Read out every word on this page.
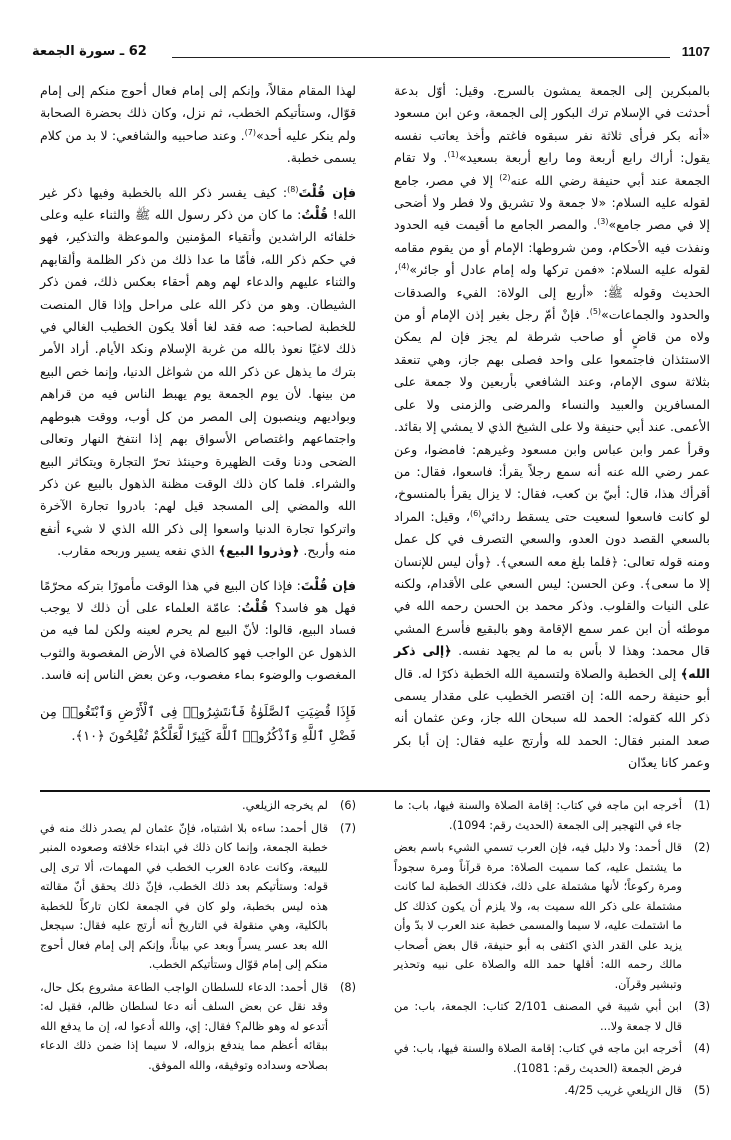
1107
62 ـ سورة الجمعة

بالمبكرين إلى الجمعة يمشون بالسرج. وقيل: أوّل بدعة أحدثت في الإسلام ترك البكور إلى الجمعة، وعن ابن مسعود «أنه بكر فرأى ثلاثة نفر سبقوه فاغتم وأخذ يعاتب نفسه يقول: أراك رابع أربعة وما رابع أربعة بسعيد»$^{(1)}$. ولا تقام الجمعة عند أبي حنيفة رضي الله عنه$^{(2)}$ إلا في مصر، جامع لقوله عليه السلام: «لا جمعة ولا تشريق ولا فطر ولا أضحى إلا في مصر جامع»$^{(3)}$. والمصر الجامع ما أقيمت فيه الحدود ونفذت فيه الأحكام، ومن شروطها: الإمام أو من يقوم مقامه لقوله عليه السلام: «فمن تركها وله إمام عادل أو جائر»$^{(4)}$، الحديث وقوله ﷺ: «أربع إلى الولاة: الفيء والصدقات والحدود والجماعات»$^{(5)}$. فإنْ أمّ رجل بغير إذن الإمام أو من ولاه من قاضٍ أو صاحب شرطة لم يجز فإن لم يمكن الاستئذان فاجتمعوا على واحد فصلى بهم جاز، وهي تنعقد بثلاثة سوى الإمام، وعند الشافعي بأربعين ولا جمعة على المسافرين والعبيد والنساء والمرضى والزمنى ولا على الأعمى. عند أبي حنيفة ولا على الشيخ الذي لا يمشي إلا بقائد. وقرأ عمر وابن عباس وابن مسعود وغيرهم: فامضوا، وعن عمر رضي الله عنه أنه سمع رجلاً يقرأ: فاسعوا، فقال: من أقرأك هذا، قال: أبيّ بن كعب، فقال: لا يزال يقرأ بالمنسوخ، لو كانت فاسعوا لسعيت حتى يسقط ردائي$^{(6)}$، وقيل: المراد بالسعي القصد دون العدو، والسعي التصرف في كل عمل ومنه قوله تعالى: ﴿فلما بلغ معه السعي﴾. ﴿وأن ليس للإنسان إلا ما سعى﴾. وعن الحسن: ليس السعي على الأقدام، ولكنه على النيات والقلوب. وذكر محمد بن الحسن رحمه الله في موطئه أن ابن عمر سمع الإقامة وهو بالبقيع فأسرع المشي قال محمد: وهذا لا بأس به ما لم يجهد نفسه. ﴿إلى ذكر الله﴾ إلى الخطبة والصلاة ولتسمية الله الخطبة ذكرًا له. قال أبو حنيفة رحمه الله: إن اقتصر الخطيب على مقدار يسمى ذكر الله كقوله: الحمد لله سبحان الله جاز، وعن عثمان أنه صعد المنبر فقال: الحمد لله وأرتج عليه فقال: إن أبا بكر وعمر كانا يعدّان

لهذا المقام مقالاً، وإنكم إلى إمام فعال أحوج منكم إلى إمام قوّال، وستأتيكم الخطب، ثم نزل، وكان ذلك بحضرة الصحابة ولم ينكر عليه أحد»$^{(7)}$. وعند صاحبيه والشافعي: لا بد من كلام يسمى خطبة.

فإن قُلْتَ$^{(8)}$: كيف يفسر ذكر الله بالخطبة وفيها ذكر غير الله! قُلْتُ: ما كان من ذكر رسول الله ﷺ والثناء عليه وعلى خلفائه الراشدين وأتقياء المؤمنين والموعظة والتذكير، فهو في حكم ذكر الله، فأمّا ما عدا ذلك من ذكر الظلمة وألقابهم والثناء عليهم والدعاء لهم وهم أحقاء بعكس ذلك، فمن ذكر الشيطان. وهو من ذكر الله على مراحل وإذا قال المنصت للخطبة لصاحبه: صه فقد لغا أفلا يكون الخطيب الغالي في ذلك لاغيًا نعوذ بالله من غربة الإسلام ونكد الأيام. أراد الأمر بترك ما يذهل عن ذكر الله من شواغل الدنيا، وإنما خص البيع من بينها. لأن يوم الجمعة يوم يهبط الناس فيه من قراهم وبواديهم وينصبون إلى المصر من كل أوب، ووقت هبوطهم واجتماعهم واغتصاص الأسواق بهم إذا انتفخ النهار وتعالى الضحى ودنا وقت الظهيرة وحينئذ تحرّ التجارة ويتكاثر البيع والشراء. فلما كان ذلك الوقت مظنة الذهول بالبيع عن ذكر الله والمضي إلى المسجد قيل لهم: بادروا تجارة الآخرة واتركوا تجارة الدنيا واسعوا إلى ذكر الله الذي لا شيء أنفع منه وأربح. ﴿وذروا البيع﴾ الذي نفعه يسير وربحه مقارب.

فإن قُلْتَ: فإذا كان البيع في هذا الوقت مأمورًا بتركه محرّمًا فهل هو فاسد؟ قُلْتُ: عامّة العلماء على أن ذلك لا يوجب فساد البيع، قالوا: لأنّ البيع لم يحرم لعينه ولكن لما فيه من الذهول عن الواجب فهو كالصلاة في الأرض المغصوبة والثوب المغصوب والوضوء بماء مغصوب، وعن بعض الناس إنه فاسد.

فَإِذَا قُضِيَتِ ٱلصَّلَوٰةُ فَٱنتَشِرُوا۟ فِى ٱلْأَرْضِ وَٱبْتَغُوا۟ مِن فَضْلِ ٱللَّهِ وَٱذْكُرُوا۟ ٱللَّهَ كَثِيرًا لَّعَلَّكُمْ تُفْلِحُونَ ﴿١٠﴾.
(1)
أخرجه ابن ماجه في كتاب: إقامة الصلاة والسنة فيها، باب: ما جاء في التهجير إلى الجمعة (الحديث رقم: 1094).
(2)
قال أحمد: ولا دليل فيه، فإن العرب تسمي الشيء باسم بعض ما يشتمل عليه، كما سميت الصلاة: مرة قرآناً ومرة سجوداً ومرة ركوعاً؛ لأنها مشتملة على ذلك، فكذلك الخطبة لما كانت مشتملة على ذكر الله سميت به، ولا يلزم أن يكون كذلك كل ما اشتملت عليه، لا سيما والمسمى خطبة عند العرب لا بدّ وأن يزيد على القدر الذي اكتفى به أبو حنيفة، قال بعض أصحاب مالك رحمه الله: أقلها حمد الله والصلاة على نبيه وتحذير وتبشير وقرآن.
(3)
ابن أبي شيبة في المصنف 2/101 كتاب: الجمعة، باب: من قال لا جمعة ولا...
(4)
أخرجه ابن ماجه في كتاب: إقامة الصلاة والسنة فيها، باب: في فرض الجمعة (الحديث رقم: 1081).
(5)
قال الزيلعي غريب 4/25.
(6)
لم يخرجه الزيلعي.
(7)
قال أحمد: ساءه بلا اشتباه، فإنّ عثمان لم يصدر ذلك منه في خطبة الجمعة، وإنما كان ذلك في ابتداء خلافته وصعوده المنبر للبيعة، وكانت عادة العرب الخطب في المهمات، ألا ترى إلى قوله: وستأتيكم بعد ذلك الخطب، فإنّ ذلك يحقق أنّ مقالته هذه ليس بخطبة، ولو كان في الجمعة لكان تاركاً للخطبة بالكلية، وهي منقولة في التاريخ أنه أرتج عليه فقال: سيجعل الله بعد عسر يسراً وبعد عي بياناً، وإنكم إلى إمام فعال أحوج منكم إلى إمام قوّال وستأتيكم الخطب.
(8)
قال أحمد: الدعاء للسلطان الواجب الطاعة مشروع بكل حال، وقد نقل عن بعض السلف أنه دعا لسلطان ظالم، فقيل له: أتدعو له وهو ظالم؟ فقال: إي، والله أدعوا له، إن ما يدفع الله ببقائه أعظم مما يندفع بزواله، لا سيما إذا ضمن ذلك الدعاء بصلاحه وسداده وتوفيقه، والله الموفق.
